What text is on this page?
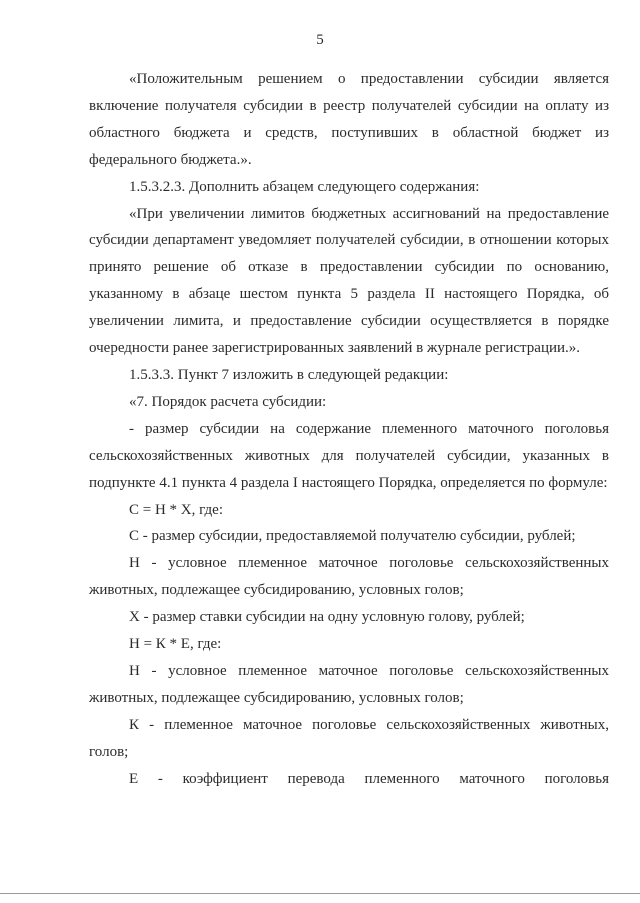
5

«Положительным решением о предоставлении субсидии является включение получателя субсидии в реестр получателей субсидии на оплату из областного бюджета и средств, поступивших в областной бюджет из федерального бюджета.».

1.5.3.2.3. Дополнить абзацем следующего содержания:

«При увеличении лимитов бюджетных ассигнований на предоставление субсидии департамент уведомляет получателей субсидии, в отношении которых принято решение об отказе в предоставлении субсидии по основанию, указанному в абзаце шестом пункта 5 раздела II настоящего Порядка, об увеличении лимита, и предоставление субсидии осуществляется в порядке очередности ранее зарегистрированных заявлений в журнале регистрации.».

1.5.3.3. Пункт 7 изложить в следующей редакции:

«7. Порядок расчета субсидии:

- размер субсидии на содержание племенного маточного поголовья сельскохозяйственных животных для получателей субсидии, указанных в подпункте 4.1 пункта 4 раздела I настоящего Порядка, определяется по формуле:

С = Н * Х, где:

С - размер субсидии, предоставляемой получателю субсидии, рублей;

Н - условное племенное маточное поголовье сельскохозяйственных животных, подлежащее субсидированию, условных голов;

Х - размер ставки субсидии на одну условную голову, рублей;

Н = К * Е, где:

Н - условное племенное маточное поголовье сельскохозяйственных животных, подлежащее субсидированию, условных голов;

К - племенное маточное поголовье сельскохозяйственных животных, голов;

Е - коэффициент перевода племенного маточного поголовья
